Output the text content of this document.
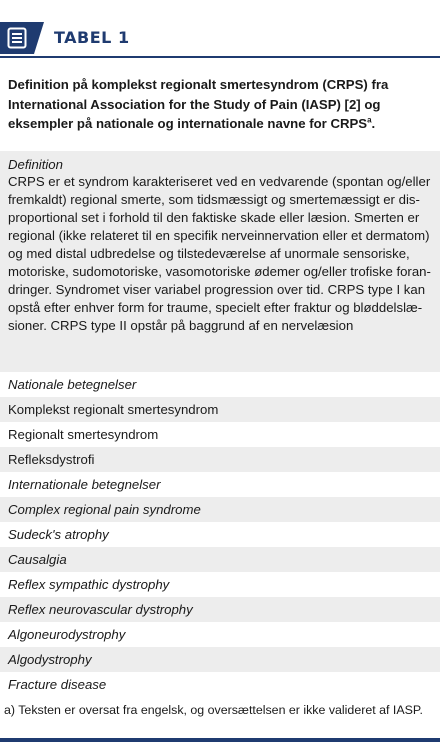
TABEL 1
Definition på komplekst regionalt smertesyndrom (CRPS) fra International Association for the Study of Pain (IASP) [2] og eksempler på nationale og internationale navne for CRPS$^a$.
Definition
CRPS er et syndrom karakteriseret ved en vedvarende (spontan og/eller
fremkaldt) regional smerte, som tidsmæssigt og smertemæssigt er dis-
proportional set i forhold til den faktiske skade eller læsion. Smerten er
regional (ikke relateret til en specifik nerveinnervation eller et dermatom)
og med distal udbredelse og tilstedeværelse af unormale sensoriske,
motoriske, sudomotoriske, vasomotoriske ødemer og/eller trofiske foran-
dringer. Syndromet viser variabel progression over tid. CRPS type I kan
opstå efter enhver form for traume, specielt efter fraktur og bløddelslæ-
sioner. CRPS type II opstår på baggrund af en nervelæsion
Nationale betegnelser
Komplekst regionalt smertesyndrom
Regionalt smertesyndrom
Refleksdystrofi
Internationale betegnelser
Complex regional pain syndrome
Sudeck's atrophy
Causalgia
Reflex sympathic dystrophy
Reflex neurovascular dystrophy
Algoneurodystrophy
Algodystrophy
Fracture disease
a) Teksten er oversat fra engelsk, og oversættelsen er ikke valideret af IASP.
